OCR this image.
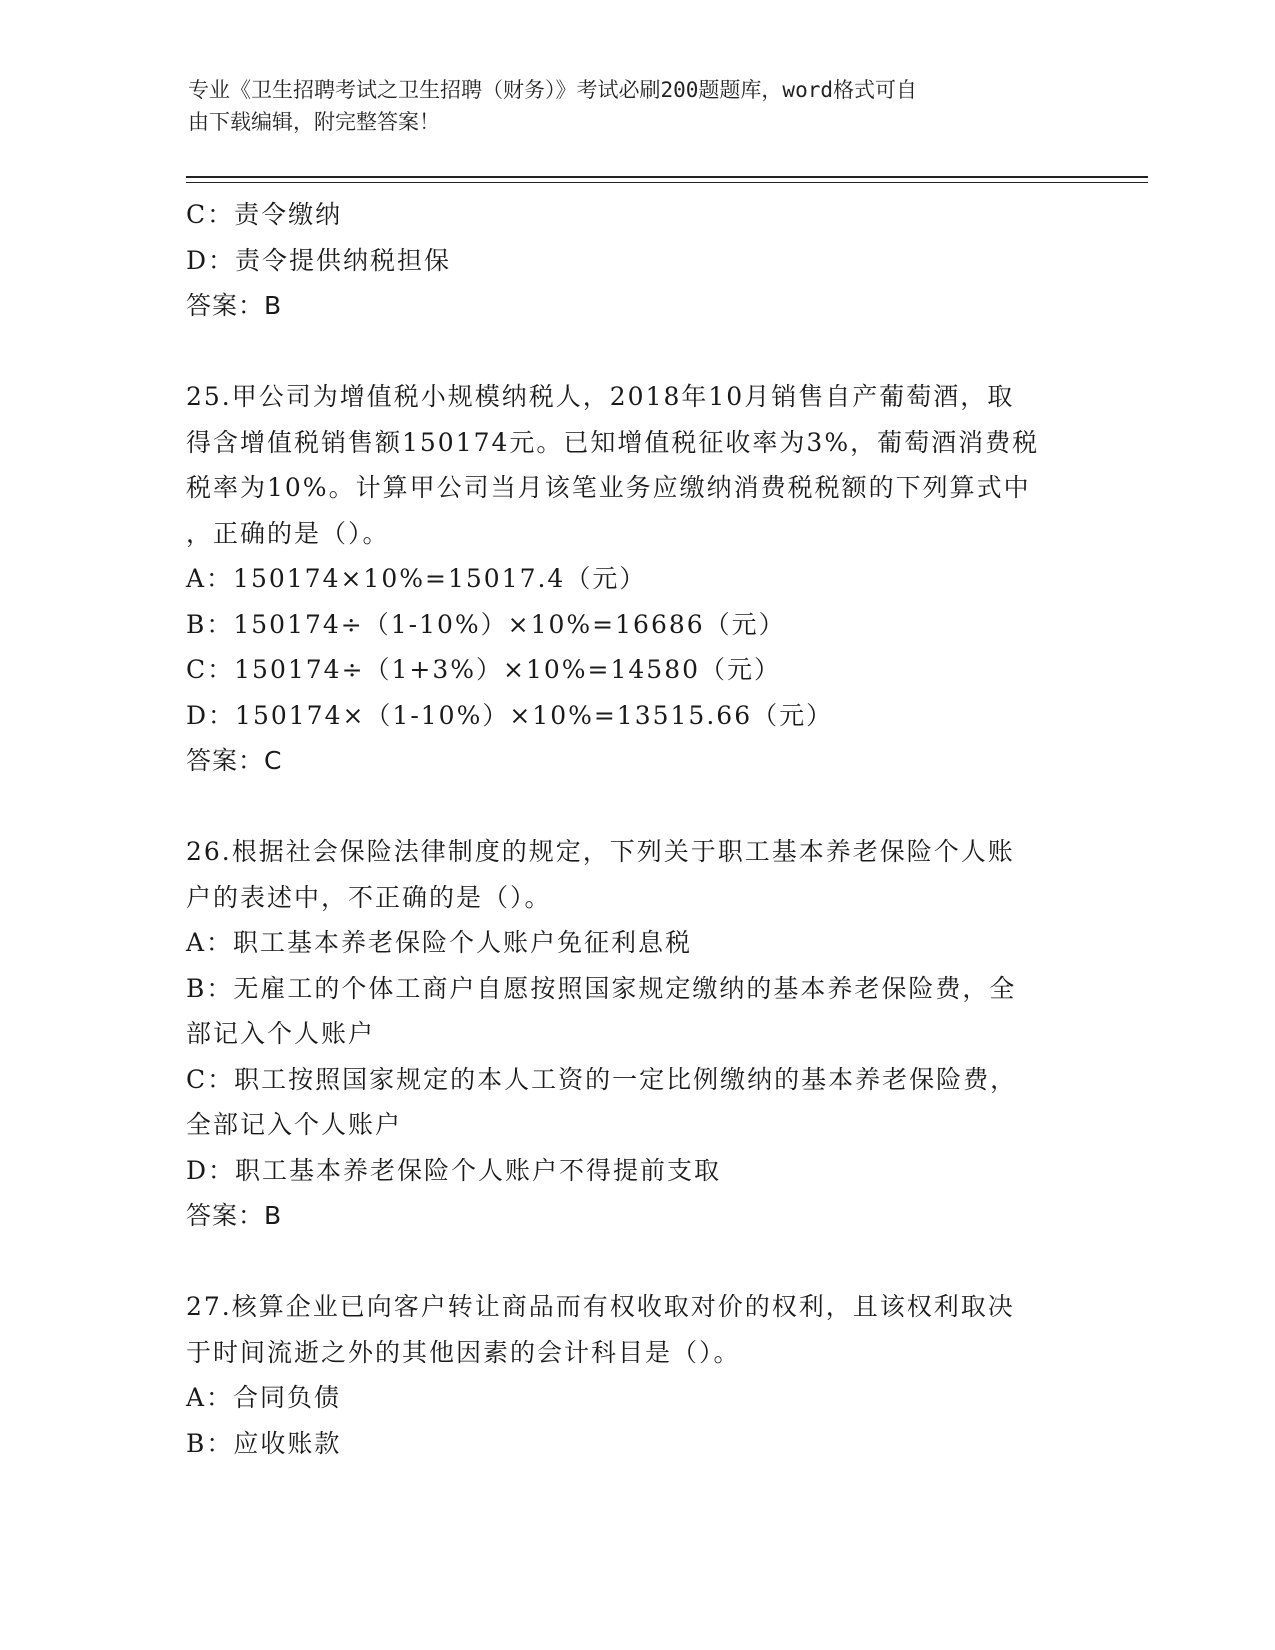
专业《卫生招聘考试之卫生招聘（财务）》考试必刷200题题库，word格式可自
由下载编辑，附完整答案！
C：责令缴纳
D：责令提供纳税担保
答案：B
25.甲公司为增值税小规模纳税人，2018年10月销售自产葡萄酒，取
得含增值税销售额150174元。已知增值税征收率为3%，葡萄酒消费税
税率为10%。计算甲公司当月该笔业务应缴纳消费税税额的下列算式中
，正确的是（）。
A：150174×10%=15017.4（元）
B：150174÷（1-10%）×10%=16686（元）
C：150174÷（1+3%）×10%=14580（元）
D：150174×（1-10%）×10%=13515.66（元）
答案：C
26.根据社会保险法律制度的规定，下列关于职工基本养老保险个人账
户的表述中，不正确的是（）。
A：职工基本养老保险个人账户免征利息税
B：无雇工的个体工商户自愿按照国家规定缴纳的基本养老保险费，全
部记入个人账户
C：职工按照国家规定的本人工资的一定比例缴纳的基本养老保险费，
全部记入个人账户
D：职工基本养老保险个人账户不得提前支取
答案：B
27.核算企业已向客户转让商品而有权收取对价的权利，且该权利取决
于时间流逝之外的其他因素的会计科目是（）。
A：合同负债
B：应收账款
